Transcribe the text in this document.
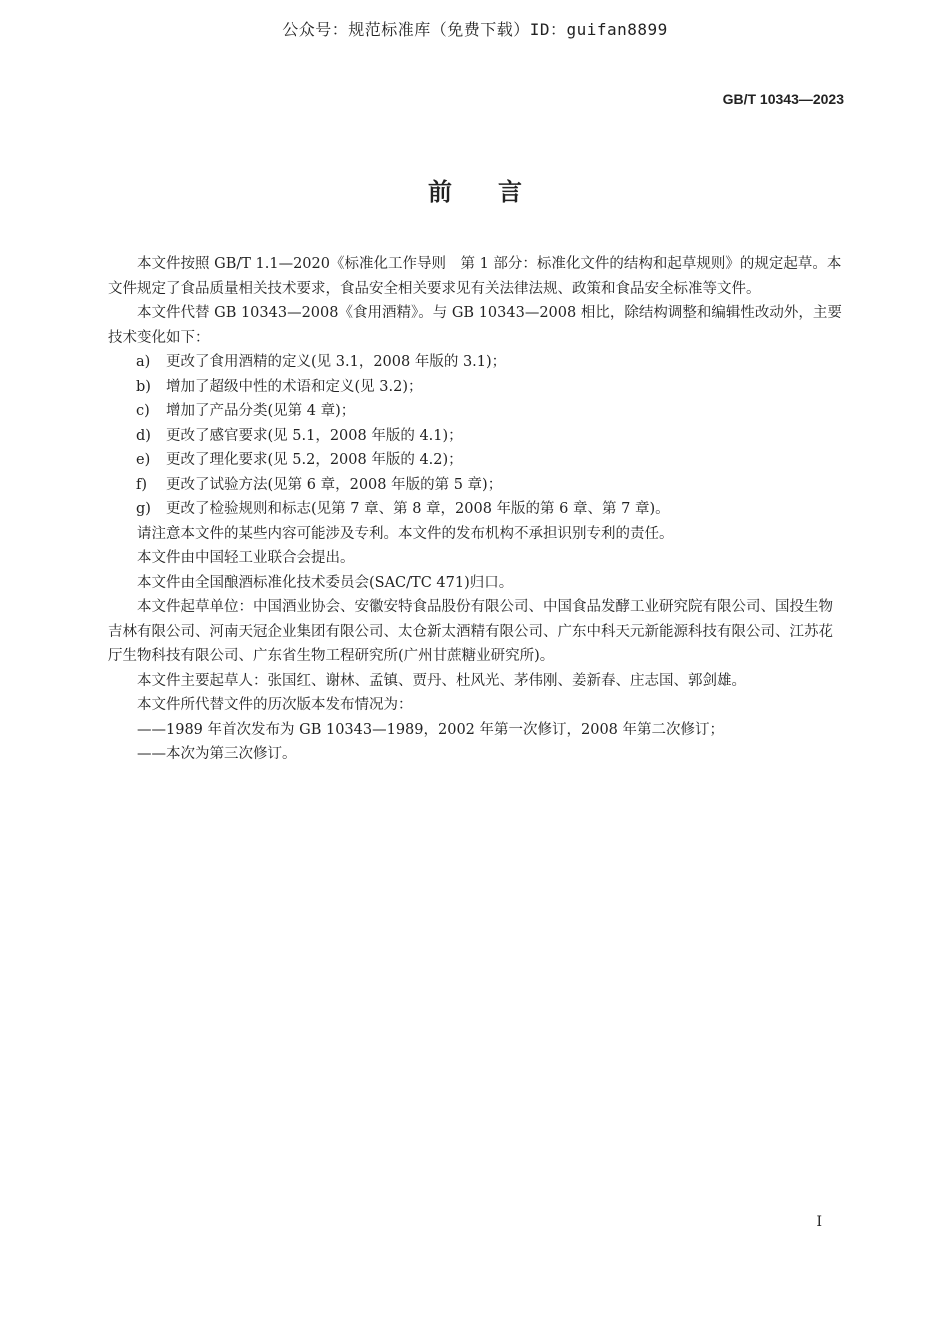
公众号：规范标准库（免费下载）ID：guifan8899
GB/T 10343—2023
前言

本文件按照 GB/T 1.1—2020《标准化工作导则　第 1 部分：标准化文件的结构和起草规则》的规定起草。本文件规定了食品质量相关技术要求，食品安全相关要求见有关法律法规、政策和食品安全标准等文件。

本文件代替 GB 10343—2008《食用酒精》。与 GB 10343—2008 相比，除结构调整和编辑性改动外，主要技术变化如下：

a) 更改了食用酒精的定义(见 3.1，2008 年版的 3.1)；

b) 增加了超级中性的术语和定义(见 3.2)；

c) 增加了产品分类(见第 4 章)；

d) 更改了感官要求(见 5.1，2008 年版的 4.1)；

e) 更改了理化要求(见 5.2，2008 年版的 4.2)；

f) 更改了试验方法(见第 6 章，2008 年版的第 5 章)；

g) 更改了检验规则和标志(见第 7 章、第 8 章，2008 年版的第 6 章、第 7 章)。

请注意本文件的某些内容可能涉及专利。本文件的发布机构不承担识别专利的责任。

本文件由中国轻工业联合会提出。

本文件由全国酿酒标准化技术委员会(SAC/TC 471)归口。

本文件起草单位：中国酒业协会、安徽安特食品股份有限公司、中国食品发酵工业研究院有限公司、国投生物吉林有限公司、河南天冠企业集团有限公司、太仓新太酒精有限公司、广东中科天元新能源科技有限公司、江苏花厅生物科技有限公司、广东省生物工程研究所(广州甘蔗糖业研究所)。

本文件主要起草人：张国红、谢林、孟镇、贾丹、杜风光、茅伟刚、姜新春、庄志国、郭剑雄。

本文件所代替文件的历次版本发布情况为：

——1989 年首次发布为 GB 10343—1989，2002 年第一次修订，2008 年第二次修订；

——本次为第三次修订。

I
